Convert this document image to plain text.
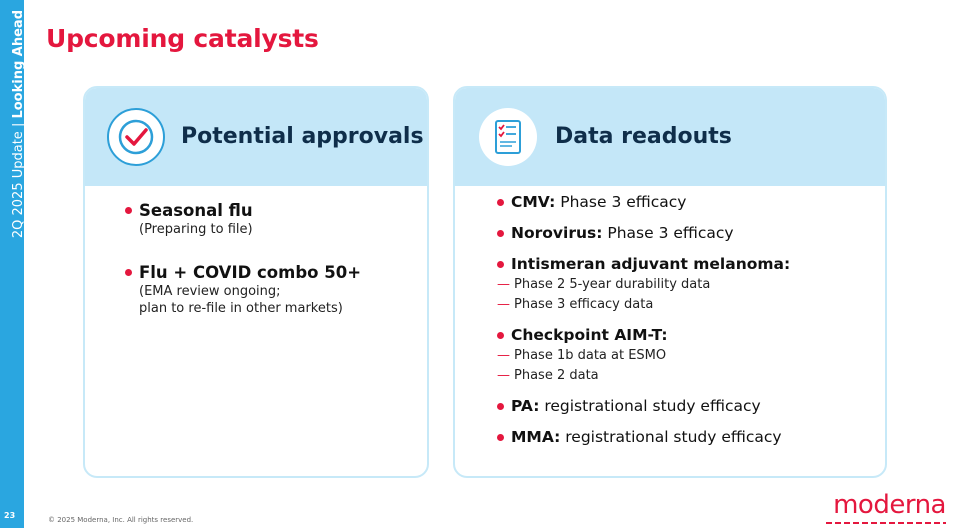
2Q 2025 Update | Looking Ahead
23
Upcoming catalysts
Potential approvals
Seasonal flu
(Preparing to file)
Flu + COVID combo 50+
(EMA review ongoing;
plan to re-file in other markets)
Data readouts
CMV: Phase 3 efficacy
Norovirus: Phase 3 efficacy
Intismeran adjuvant melanoma:
— Phase 2 5-year durability data
— Phase 3 efficacy data
Checkpoint AIM-T:
— Phase 1b data at ESMO
— Phase 2 data
PA: registrational study efficacy
MMA: registrational study efficacy
© 2025 Moderna, Inc. All rights reserved.	moderna
